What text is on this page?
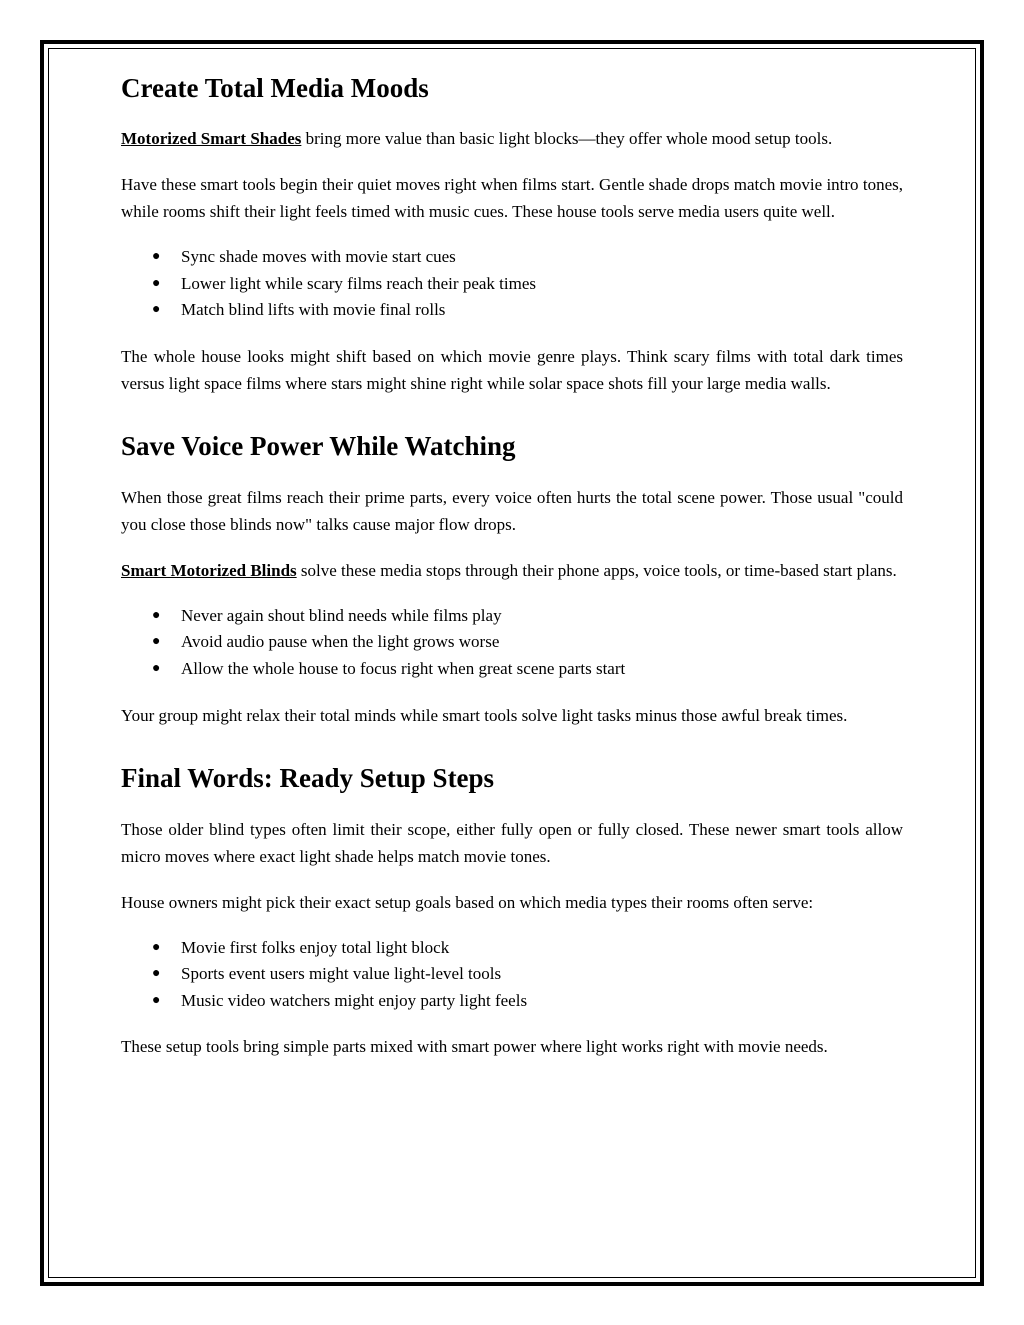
Create Total Media Moods

Motorized Smart Shades bring more value than basic light blocks—they offer whole mood setup tools.

Have these smart tools begin their quiet moves right when films start. Gentle shade drops match movie intro tones, while rooms shift their light feels timed with music cues. These house tools serve media users quite well.

● Sync shade moves with movie start cues
● Lower light while scary films reach their peak times
● Match blind lifts with movie final rolls

The whole house looks might shift based on which movie genre plays. Think scary films with total dark times versus light space films where stars might shine right while solar space shots fill your large media walls.

Save Voice Power While Watching

When those great films reach their prime parts, every voice often hurts the total scene power. Those usual "could you close those blinds now" talks cause major flow drops.

Smart Motorized Blinds solve these media stops through their phone apps, voice tools, or time-based start plans.

● Never again shout blind needs while films play
● Avoid audio pause when the light grows worse
● Allow the whole house to focus right when great scene parts start

Your group might relax their total minds while smart tools solve light tasks minus those awful break times.

Final Words: Ready Setup Steps

Those older blind types often limit their scope, either fully open or fully closed. These newer smart tools allow micro moves where exact light shade helps match movie tones.

House owners might pick their exact setup goals based on which media types their rooms often serve:

● Movie first folks enjoy total light block
● Sports event users might value light-level tools
● Music video watchers might enjoy party light feels

These setup tools bring simple parts mixed with smart power where light works right with movie needs.
